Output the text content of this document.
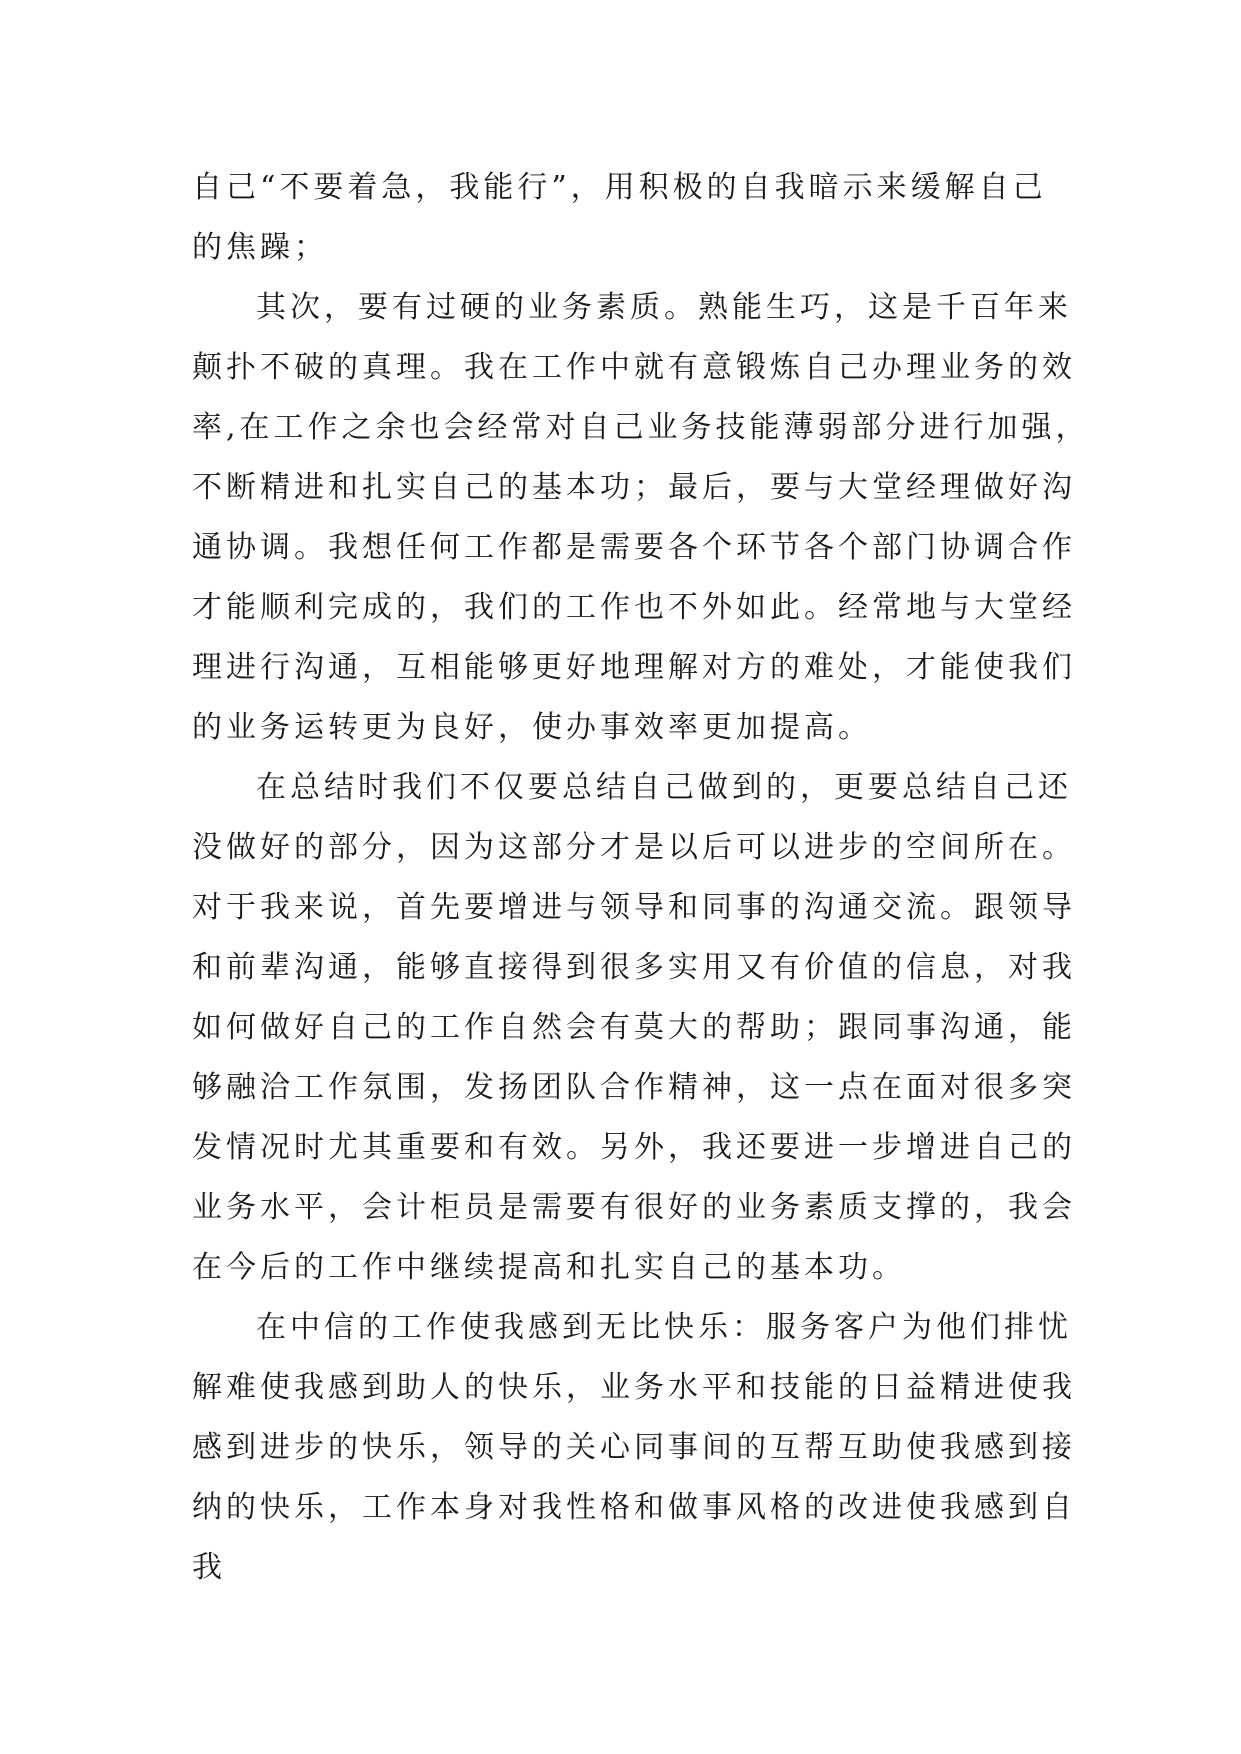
自己“不要着急，我能行”，用积极的自我暗示来缓解自己
的焦躁；
其次，要有过硬的业务素质。熟能生巧，这是千百年来
颠扑不破的真理。我在工作中就有意锻炼自己办理业务的效
率,在工作之余也会经常对自己业务技能薄弱部分进行加强，
不断精进和扎实自己的基本功；最后，要与大堂经理做好沟
通协调。我想任何工作都是需要各个环节各个部门协调合作
才能顺利完成的，我们的工作也不外如此。经常地与大堂经
理进行沟通，互相能够更好地理解对方的难处，才能使我们
的业务运转更为良好，使办事效率更加提高。
在总结时我们不仅要总结自己做到的，更要总结自己还
没做好的部分，因为这部分才是以后可以进步的空间所在。
对于我来说，首先要增进与领导和同事的沟通交流。跟领导
和前辈沟通，能够直接得到很多实用又有价值的信息，对我
如何做好自己的工作自然会有莫大的帮助；跟同事沟通，能
够融洽工作氛围，发扬团队合作精神，这一点在面对很多突
发情况时尤其重要和有效。另外，我还要进一步增进自己的
业务水平，会计柜员是需要有很好的业务素质支撑的，我会
在今后的工作中继续提高和扎实自己的基本功。
在中信的工作使我感到无比快乐：服务客户为他们排忧
解难使我感到助人的快乐，业务水平和技能的日益精进使我
感到进步的快乐，领导的关心同事间的互帮互助使我感到接
纳的快乐，工作本身对我性格和做事风格的改进使我感到自
我
